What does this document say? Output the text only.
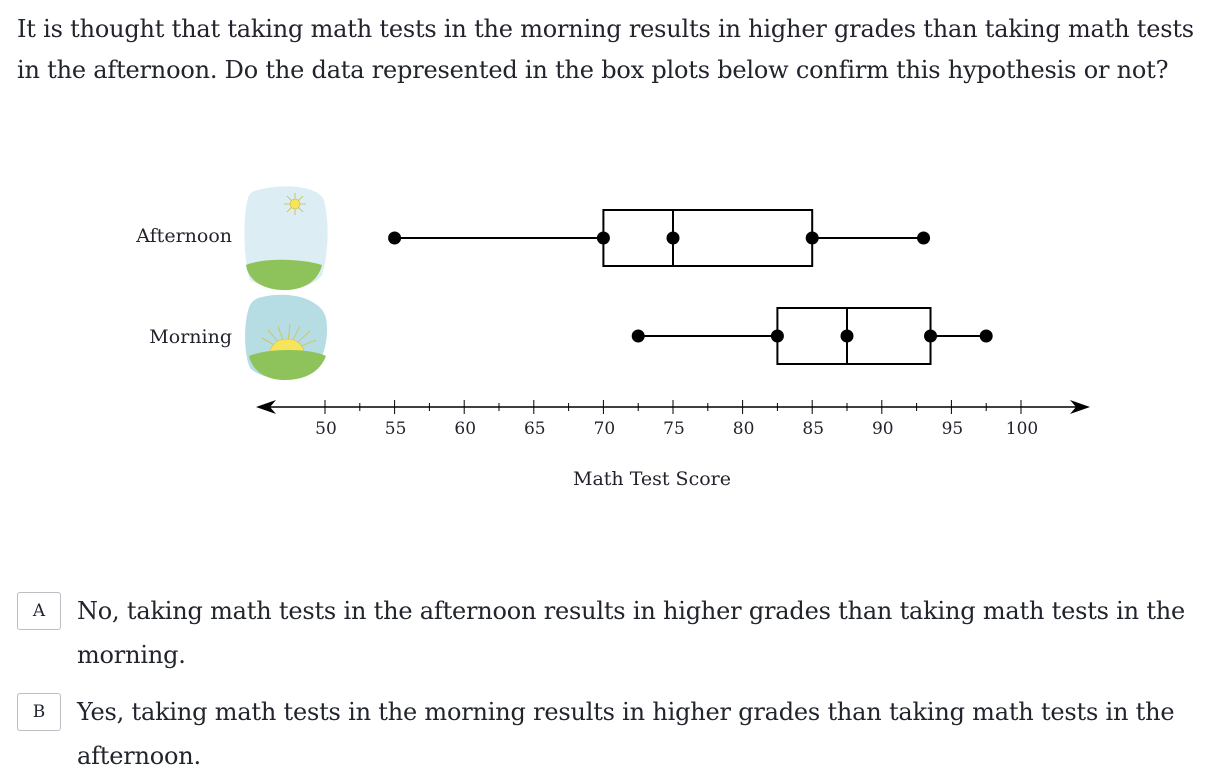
It is thought that taking math tests in the morning results in higher grades than taking math tests in the afternoon. Do the data represented in the box plots below confirm this hypothesis or not?

Afternoon
Morning
50	55	60	65	70	75	80	85	90	95	100
Math Test Score
A	No, taking math tests in the afternoon results in higher grades than taking math tests in the morning.
B	Yes, taking math tests in the morning results in higher grades than taking math tests in the afternoon.
